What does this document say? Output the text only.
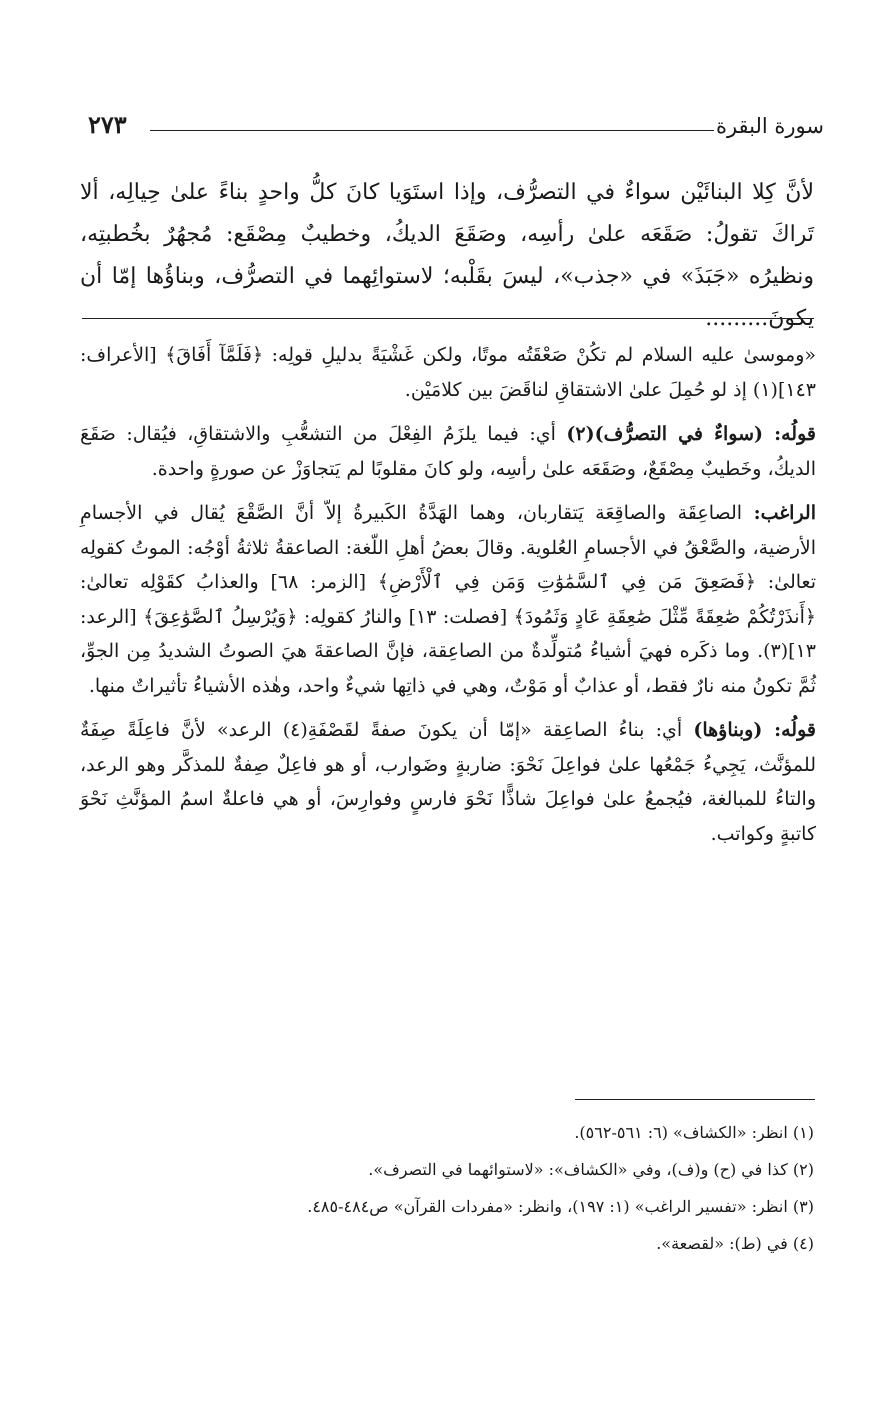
سورة البقرة
٢٧٣
لأنَّ كِلا البنائَيْن سواءٌ في التصرُّف، وإذا استَوَيا كانَ كلُّ واحدٍ بناءً علىٰ حِيالِه، ألا تَراكَ تقولُ: صَقَعَه علىٰ رأسِه، وصَقَعَ الديكُ، وخطيبٌ مِصْقَع: مُجهُرٌ بخُطبتِه، ونظيرُه «جَبَذَ» في «جذب»، ليسَ بقَلْبه؛ لاستوائِهما في التصرُّف، وبناؤُها إمّا أن يكونَ.........

«وموسىٰ عليه السلام لم تكُنْ صَعْقَتُه موتًا، ولكن غَشْيَةً بدليلِ قولِه: ﴿فَلَمَّآ أَفَاقَ﴾ [الأعراف: ١٤٣](١) إذ لو حُمِلَ علىٰ الاشتقاقِ لناقَضَ بين كلامَيْن.

قولُه: (سواءٌ في التصرُّف)(٢) أي: فيما يلزَمُ الفِعْلَ من التشعُّبِ والاشتقاقِ، فيُقال: صَقَعَ الديكُ، وخَطيبٌ مِصْقَعٌ، وصَقَعَه علىٰ رأسِه، ولو كانَ مقلوبًا لم يَتجاوَزْ عن صورةٍ واحدة.

الراغب: الصاعِقَة والصاقِعَة يَتقاربان، وهما الهَدَّةُ الكَبيرةُ إلاّ أنَّ الصَّقْعَ يُقال في الأجسامِ الأرضية، والصَّعْقُ في الأجسامِ العُلوية. وقالَ بعضُ أهلِ اللّغة: الصاعقةُ ثلاثةُ أوْجُه: الموتُ كقولِه تعالىٰ: ﴿فَصَعِقَ مَن فِي ٱلسَّمَٰوَٰتِ وَمَن فِي ٱلْأَرْضِ﴾ [الزمر: ٦٨] والعذابُ كقَوْلِه تعالىٰ: ﴿أَنذَرْتُكُمْ صَٰعِقَةً مِّثْلَ صَٰعِقَةِ عَادٍ وَثَمُودَ﴾ [فصلت: ١٣] والنارُ كقولِه: ﴿وَيُرْسِلُ ٱلصَّوَٰعِقَ﴾ [الرعد: ١٣](٣). وما ذكَره فهيَ أشياءُ مُتولِّدةٌ من الصاعِقة، فإنَّ الصاعقةَ هيَ الصوتُ الشديدُ مِن الجوِّ، ثُمَّ تكونُ منه نارٌ فقط، أو عذابٌ أو مَوْتٌ، وهي في ذاتِها شيءٌ واحد، وهٰذه الأشياءُ تأثيراتٌ منها.

قولُه: (وبناؤها) أي: بناءُ الصاعِقة «إمّا أن يكونَ صفةً لقَصْفَةِ(٤) الرعد» لأنَّ فاعِلَةً صِفَةٌ للمؤنَّث، يَجِيءُ جَمْعُها علىٰ فواعِلَ نَحْوَ: ضاربةٍ وضَوارب، أو هو فاعِلٌ صِفةٌ للمذكَّر وهو الرعد، والتاءُ للمبالغة، فيُجمعُ علىٰ فواعِلَ شاذًّا نَحْوَ فارسٍ وفوارِسَ، أو هي فاعلةٌ اسمُ المؤنَّثِ نَحْوَ كاتبةٍ وكواتب.

(١) انظر: «الكشاف» (٦: ٥٦١-٥٦٢).
(٢) كذا في (ح) و(ف)، وفي «الكشاف»: «لاستوائهما في التصرف».
(٣) انظر: «تفسير الراغب» (١: ١٩٧)، وانظر: «مفردات القرآن» ص٤٨٤-٤٨٥.
(٤) في (ط): «لقصعة».
